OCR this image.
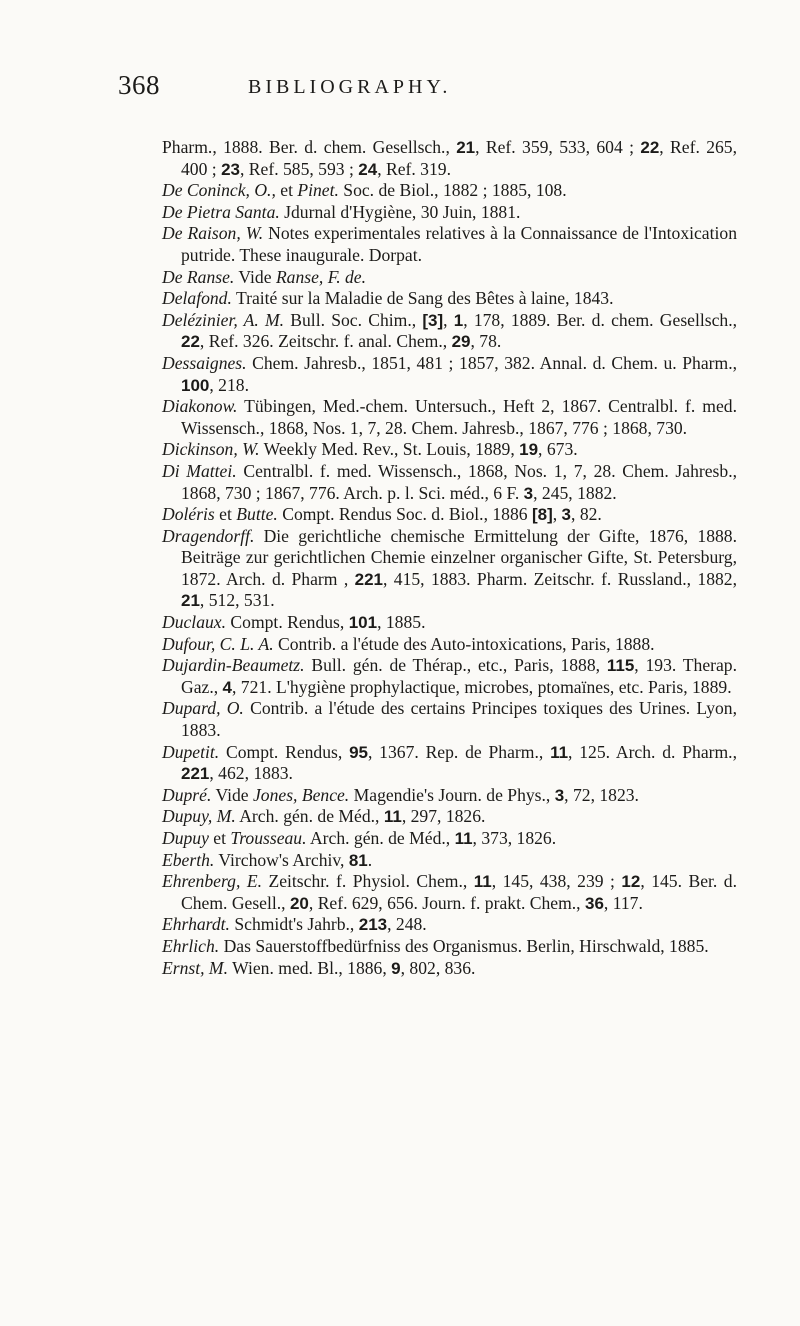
368	BIBLIOGRAPHY.
Pharm., 1888. Ber. d. chem. Gesellsch., 21, Ref. 359, 533, 604 ; 22, Ref. 265, 400 ; 23, Ref. 585, 593 ; 24, Ref. 319.
De Coninck, O., et Pinet. Soc. de Biol., 1882 ; 1885, 108.
De Pietra Santa. Jdurnal d'Hygiène, 30 Juin, 1881.
De Raison, W. Notes experimentales relatives à la Connaissance de l'Intoxication putride. These inaugurale. Dorpat.
De Ranse. Vide Ranse, F. de.
Delafond. Traité sur la Maladie de Sang des Bêtes à laine, 1843.
Delézinier, A. M. Bull. Soc. Chim., [3], 1, 178, 1889. Ber. d. chem. Gesellsch., 22, Ref. 326. Zeitschr. f. anal. Chem., 29, 78.
Dessaignes. Chem. Jahresb., 1851, 481 ; 1857, 382. Annal. d. Chem. u. Pharm., 100, 218.
Diakonow. Tübingen, Med.-chem. Untersuch., Heft 2, 1867. Centralbl. f. med. Wissensch., 1868, Nos. 1, 7, 28. Chem. Jahresb., 1867, 776 ; 1868, 730.
Dickinson, W. Weekly Med. Rev., St. Louis, 1889, 19, 673.
Di Mattei. Centralbl. f. med. Wissensch., 1868, Nos. 1, 7, 28. Chem. Jahresb., 1868, 730 ; 1867, 776. Arch. p. l. Sci. méd., 6 F. 3, 245, 1882.
Doléris et Butte. Compt. Rendus Soc. d. Biol., 1886 [8], 3, 82.
Dragendorff. Die gerichtliche chemische Ermittelung der Gifte, 1876, 1888. Beiträge zur gerichtlichen Chemie einzelner organischer Gifte, St. Petersburg, 1872. Arch. d. Pharm , 221, 415, 1883. Pharm. Zeitschr. f. Russland., 1882, 21, 512, 531.
Duclaux. Compt. Rendus, 101, 1885.
Dufour, C. L. A. Contrib. a l'étude des Auto-intoxications, Paris, 1888.
Dujardin-Beaumetz. Bull. gén. de Thérap., etc., Paris, 1888, 115, 193. Therap. Gaz., 4, 721. L'hygiène prophylactique, microbes, ptomaïnes, etc. Paris, 1889.
Dupard, O. Contrib. a l'étude des certains Principes toxiques des Urines. Lyon, 1883.
Dupetit. Compt. Rendus, 95, 1367. Rep. de Pharm., 11, 125. Arch. d. Pharm., 221, 462, 1883.
Dupré. Vide Jones, Bence. Magendie's Journ. de Phys., 3, 72, 1823.
Dupuy, M. Arch. gén. de Méd., 11, 297, 1826.
Dupuy et Trousseau. Arch. gén. de Méd., 11, 373, 1826.
Eberth. Virchow's Archiv, 81.
Ehrenberg, E. Zeitschr. f. Physiol. Chem., 11, 145, 438, 239 ; 12, 145. Ber. d. Chem. Gesell., 20, Ref. 629, 656. Journ. f. prakt. Chem., 36, 117.
Ehrhardt. Schmidt's Jahrb., 213, 248.
Ehrlich. Das Sauerstoffbedürfniss des Organismus. Berlin, Hirschwald, 1885.
Ernst, M. Wien. med. Bl., 1886, 9, 802, 836.
